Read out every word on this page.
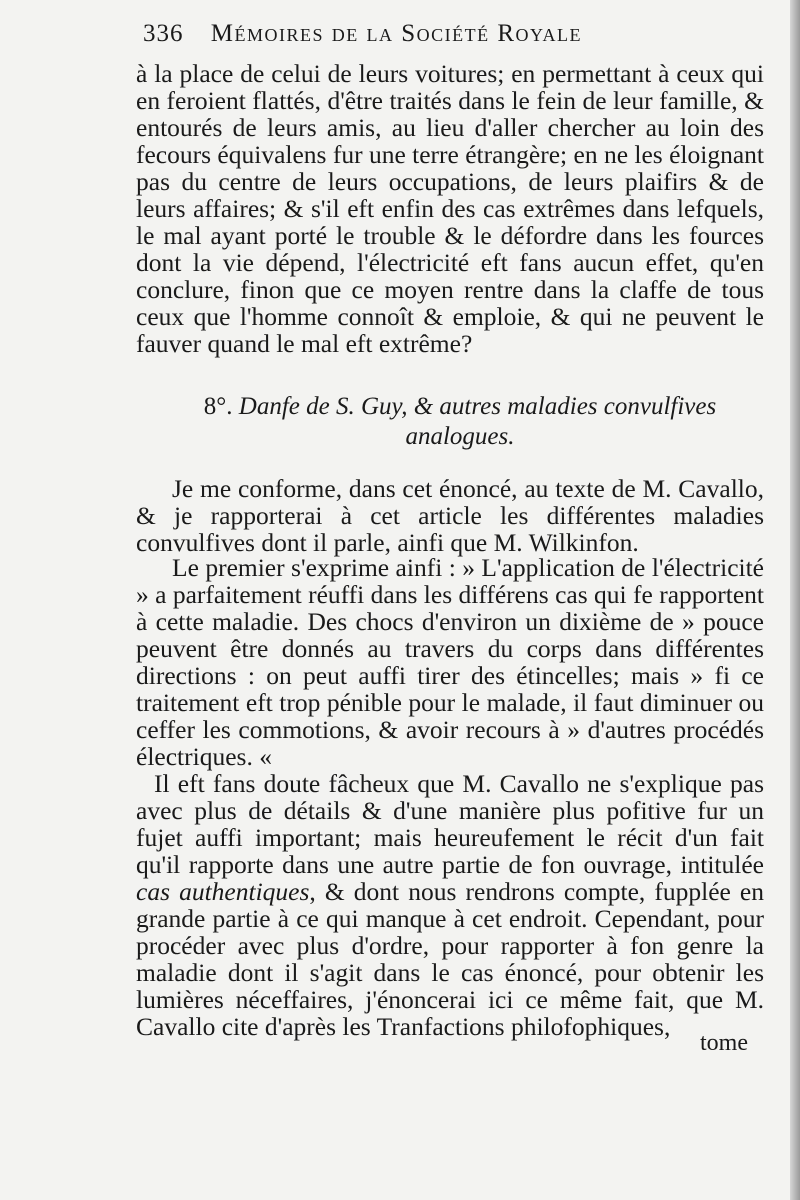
336 Mémoires de la Société Royale
à la place de celui de leurs voitures; en permettant à ceux qui en feroient flattés, d'être traités dans le fein de leur famille, & entourés de leurs amis, au lieu d'aller chercher au loin des fecours équivalens fur une terre étrangère; en ne les éloignant pas du centre de leurs occupations, de leurs plaifirs & de leurs affaires; & s'il eft enfin des cas extrêmes dans lefquels, le mal ayant porté le trouble & le défordre dans les fources dont la vie dépend, l'électricité eft fans aucun effet, qu'en conclure, finon que ce moyen rentre dans la claffe de tous ceux que l'homme connoît & emploie, & qui ne peuvent le fauver quand le mal eft extrême?
8°. Danfe de S. Guy, & autres maladies convulfives analogues.
Je me conforme, dans cet énoncé, au texte de M. Cavallo, & je rapporterai à cet article les différentes maladies convulfives dont il parle, ainfi que M. Wilkinfon.
Le premier s'exprime ainfi : » L'application de l'électricité » a parfaitement réuffi dans les différens cas qui fe rapportent à cette maladie. Des chocs d'environ un dixième de » pouce peuvent être donnés au travers du corps dans différentes directions : on peut auffi tirer des étincelles; mais » fi ce traitement eft trop pénible pour le malade, il faut diminuer ou ceffer les commotions, & avoir recours à » d'autres procédés électriques. «
Il eft fans doute fâcheux que M. Cavallo ne s'explique pas avec plus de détails & d'une manière plus pofitive fur un fujet auffi important; mais heureufement le récit d'un fait qu'il rapporte dans une autre partie de fon ouvrage, intitulée cas authentiques, & dont nous rendrons compte, fupplée en grande partie à ce qui manque à cet endroit. Cependant, pour procéder avec plus d'ordre, pour rapporter à fon genre la maladie dont il s'agit dans le cas énoncé, pour obtenir les lumières néceffaires, j'énoncerai ici ce même fait, que M. Cavallo cite d'après les Tranfactions philofophiques,
tome
